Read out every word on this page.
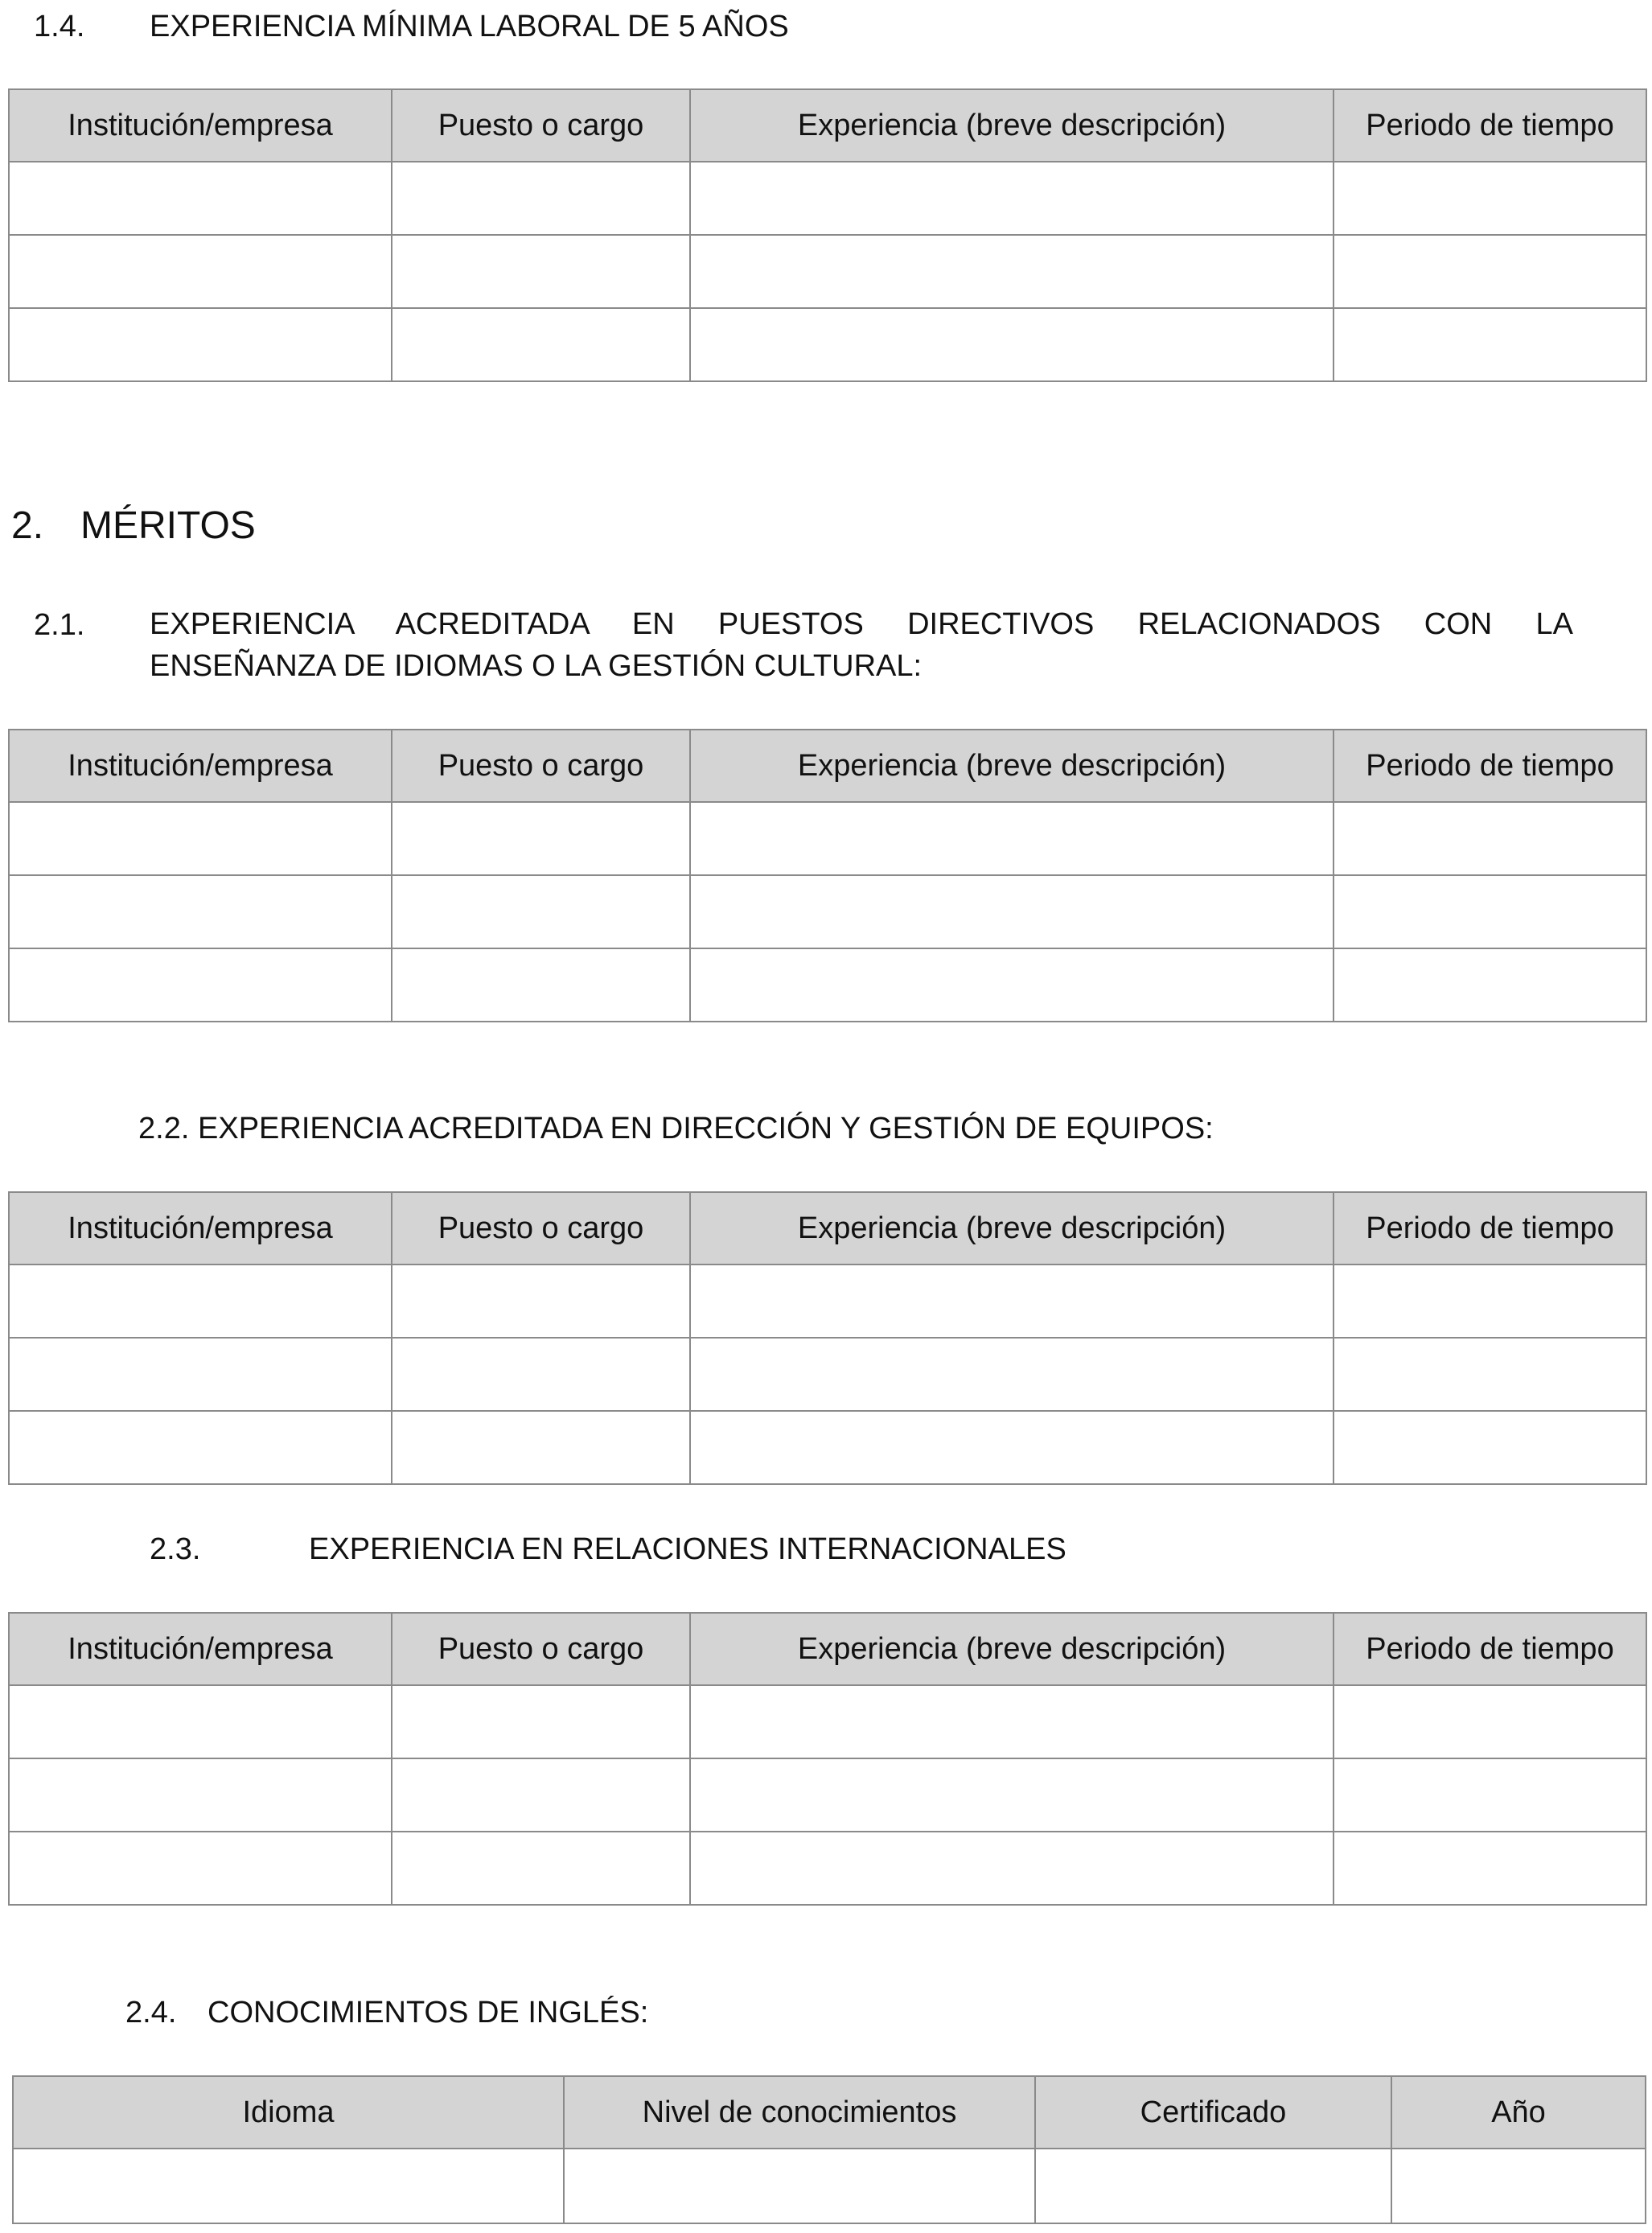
1.4. EXPERIENCIA MÍNIMA LABORAL DE 5 AÑOS
Institución/empresa	Puesto o cargo	Experiencia (breve descripción)	Periodo de tiempo

2. MÉRITOS
2.1. EXPERIENCIA ACREDITADA EN PUESTOS DIRECTIVOS RELACIONADOS CON LA
ENSEÑANZA DE IDIOMAS O LA GESTIÓN CULTURAL:
Institución/empresa	Puesto o cargo	Experiencia (breve descripción)	Periodo de tiempo

2.2. EXPERIENCIA ACREDITADA EN DIRECCIÓN Y GESTIÓN DE EQUIPOS:
Institución/empresa	Puesto o cargo	Experiencia (breve descripción)	Periodo de tiempo

2.3.	EXPERIENCIA EN RELACIONES INTERNACIONALES
Institución/empresa	Puesto o cargo	Experiencia (breve descripción)	Periodo de tiempo

2.4. CONOCIMIENTOS DE INGLÉS:
Idioma	Nivel de conocimientos	Certificado	Año
